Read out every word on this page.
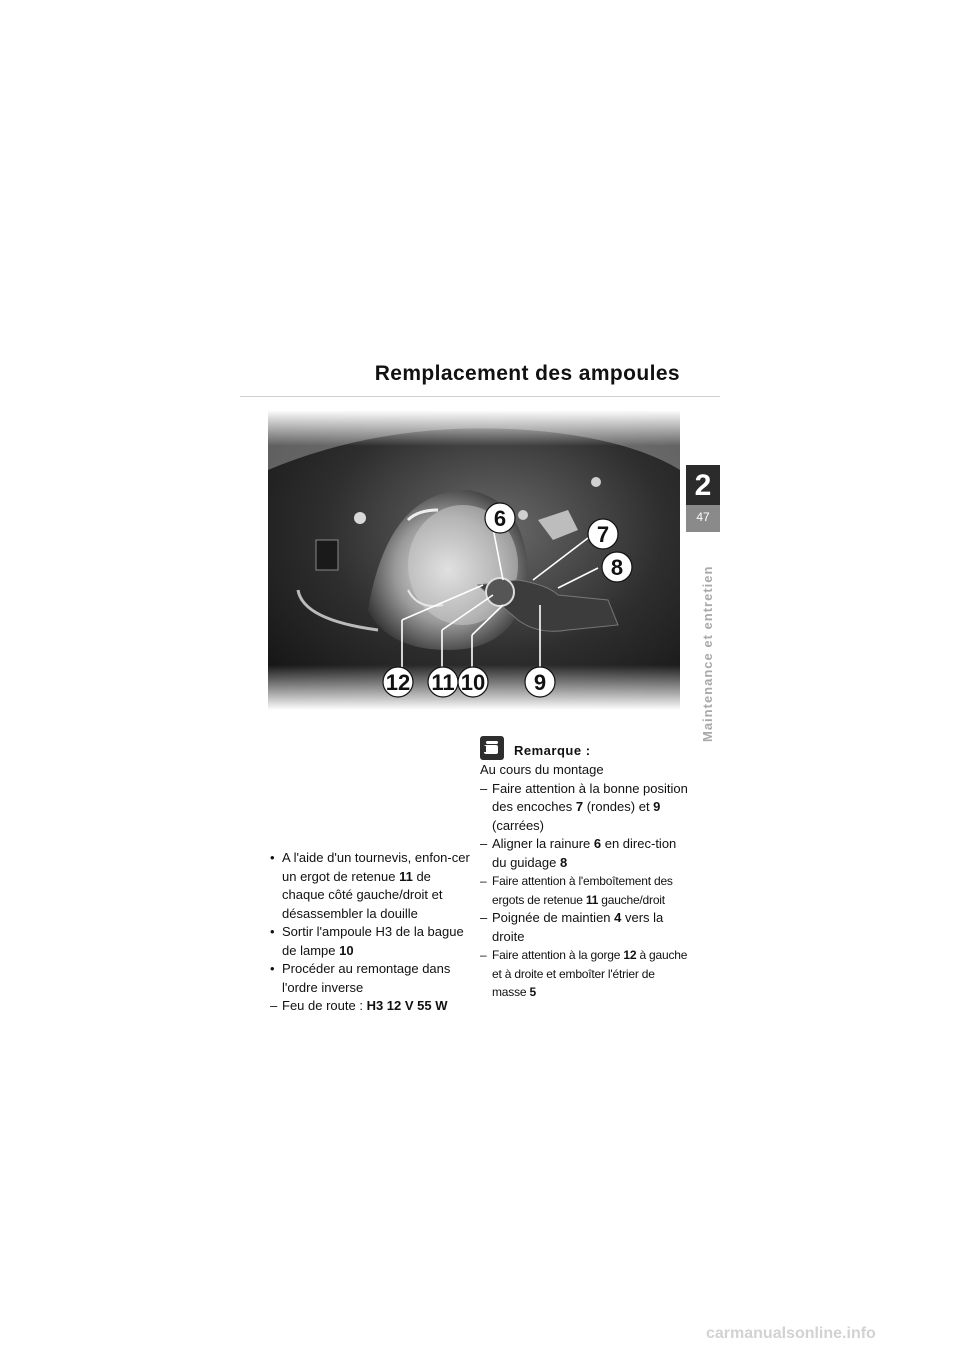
Remplacement des ampoules
2
47
Maintenance et entretien
6
7
8
12 11 10 9
• A l'aide d'un tournevis, enfon-cer un ergot de retenue 11 de chaque côté gauche/droit et désassembler la douille
• Sortir l'ampoule H3 de la bague de lampe 10
• Procéder au remontage dans l'ordre inverse
– Feu de route : H3 12 V 55 W
Remarque :
Au cours du montage
– Faire attention à la bonne position des encoches 7 (rondes) et 9 (carrées)
– Aligner la rainure 6 en direc-tion du guidage 8
– Faire attention à l'emboîtement des ergots de retenue 11 gauche/droit
– Poignée de maintien 4 vers la droite
– Faire attention à la gorge 12 à gauche et à droite et emboîter l'étrier de masse 5
carmanualsonline.info
